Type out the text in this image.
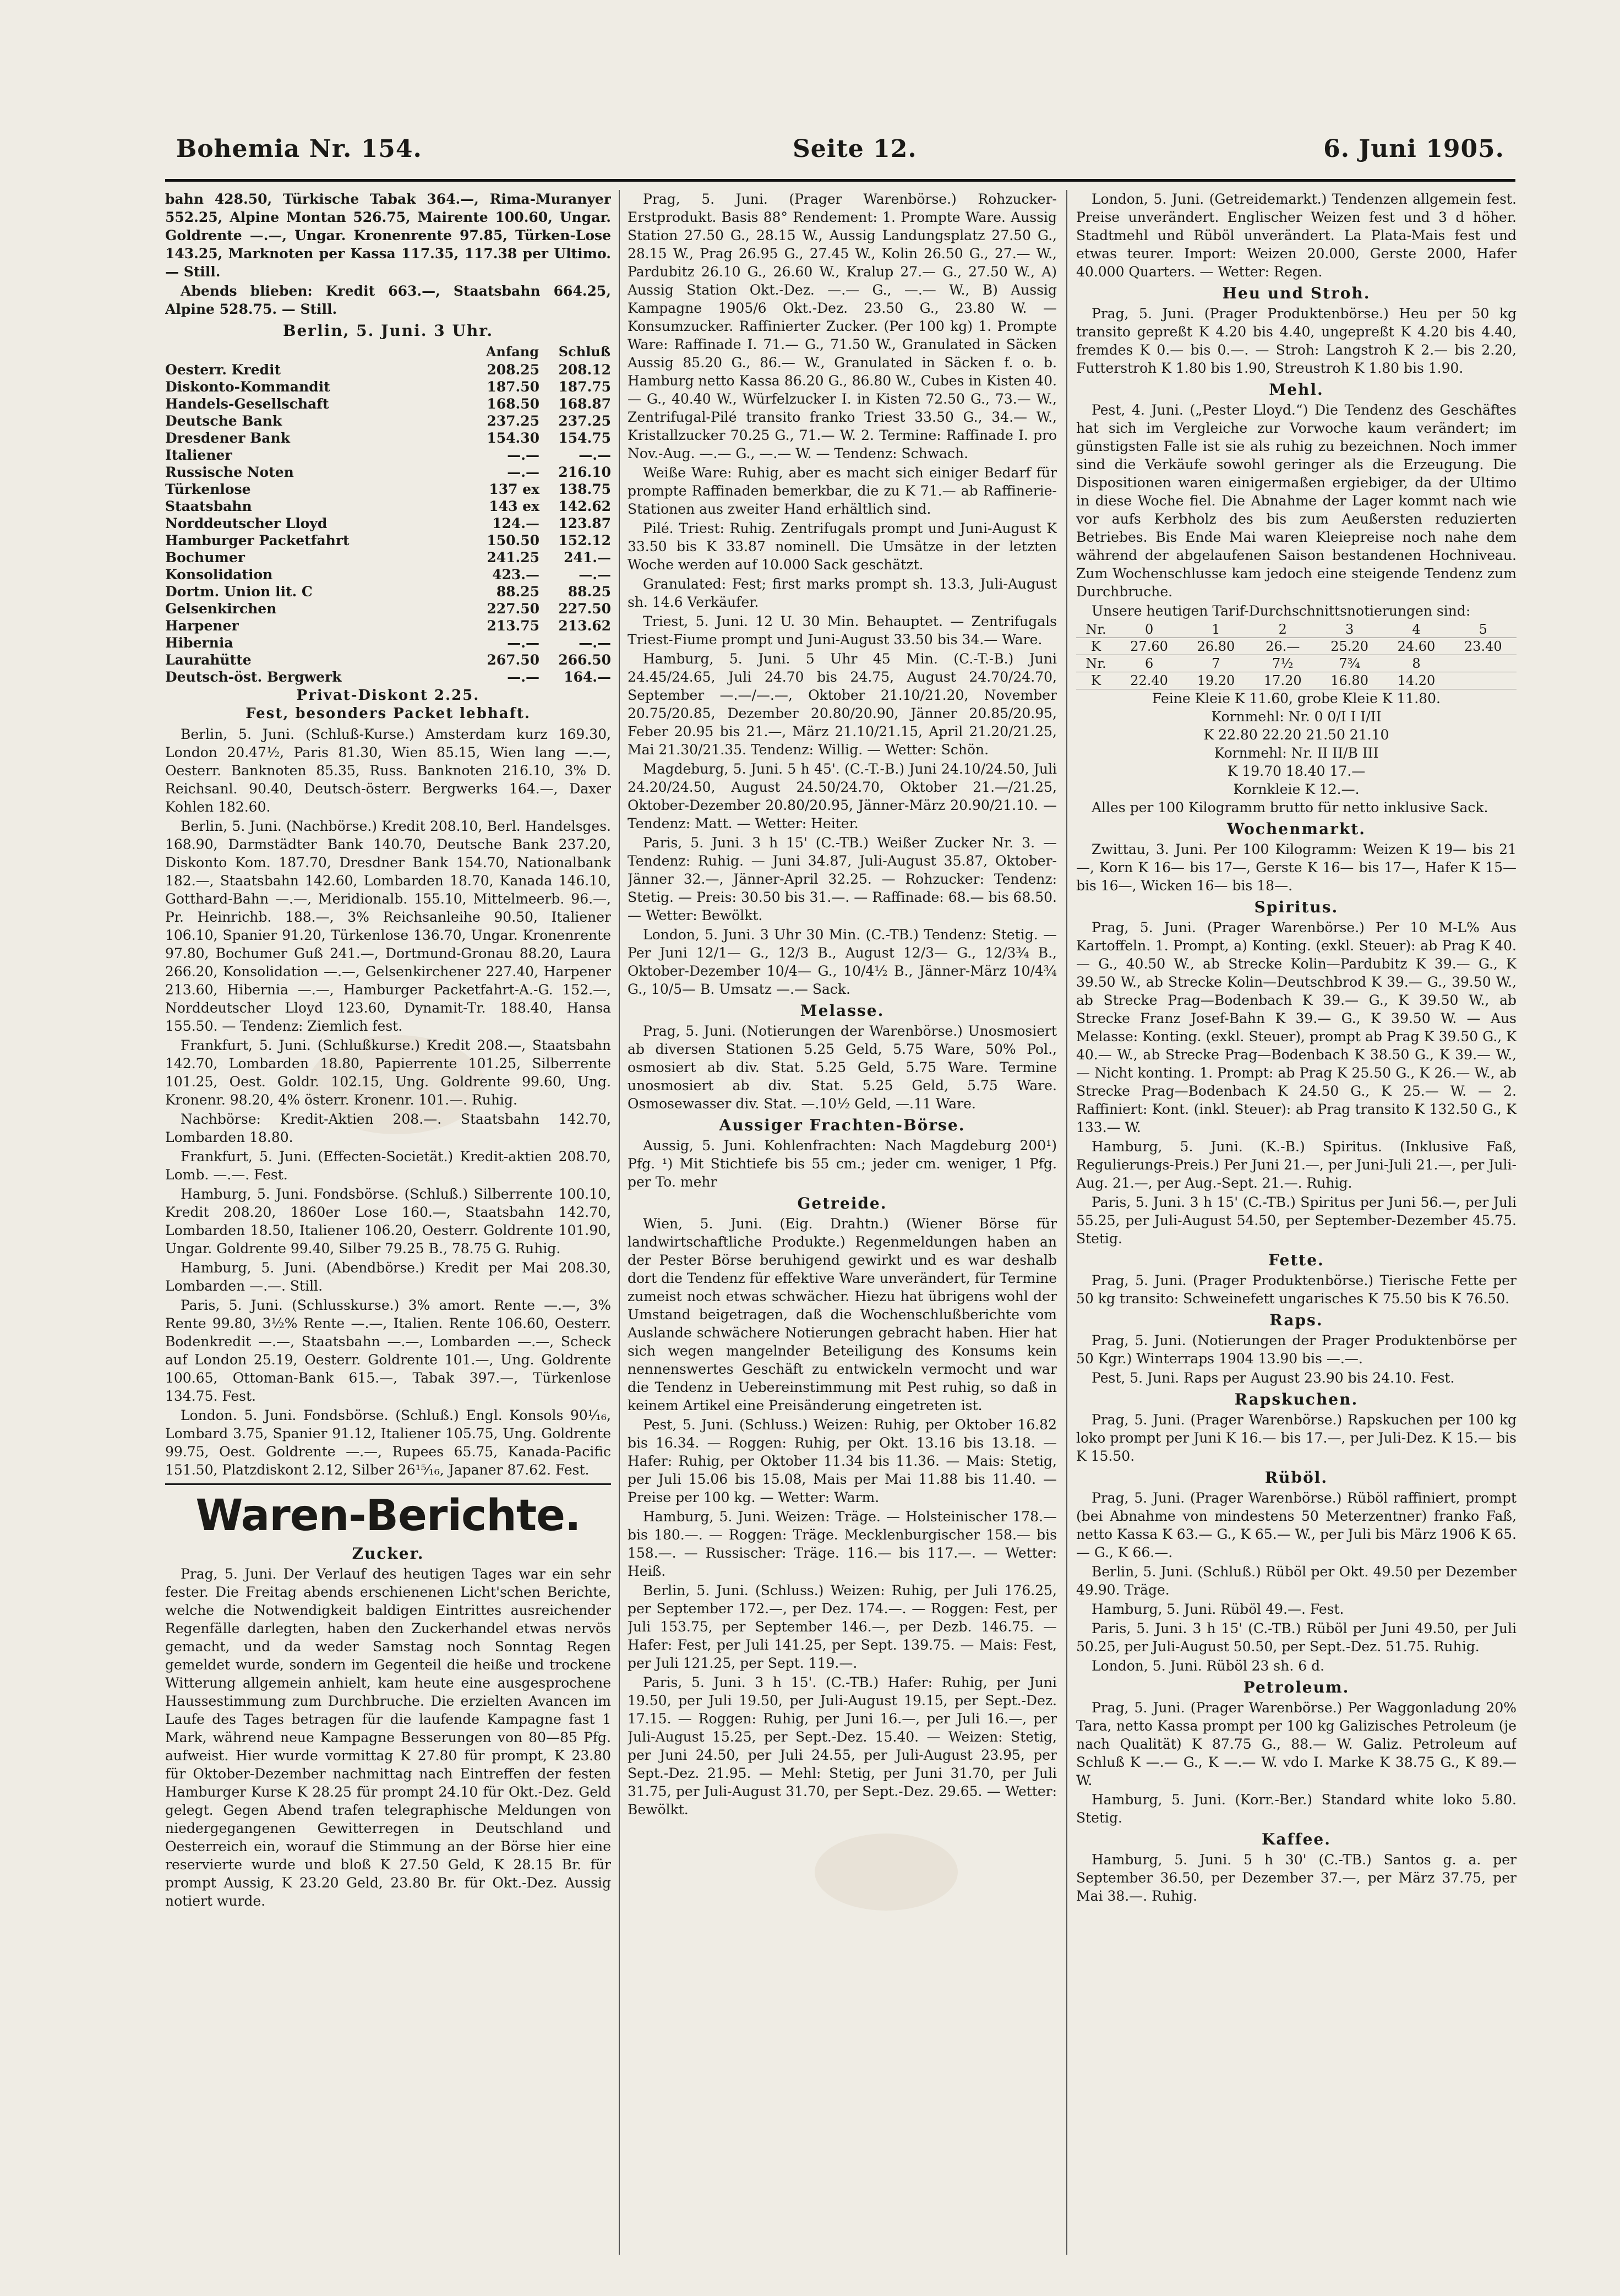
Bohemia Nr. 154.	Seite 12.	6. Juni 1905.

bahn 428.50, Türkische Tabak 364.—, Rima-Muranyer 552.25, Alpine Montan 526.75, Mairente 100.60, Ungar. Goldrente —.—, Ungar. Kronenrente 97.85, Türken-Lose 143.25, Marknoten per Kassa 117.35, 117.38 per Ultimo. — Still.

Abends blieben: Kredit 663.—, Staatsbahn 664.25, Alpine 528.75. — Still.

Berlin, 5. Juni. 3 Uhr.
	Anfang	Schluß
Oesterr. Kredit	208.25	208.12
Diskonto-Kommandit	187.50	187.75
Handels-Gesellschaft	168.50	168.87
Deutsche Bank	237.25	237.25
Dresdener Bank	154.30	154.75
Italiener	—.—	—.—
Russische Noten	—.—	216.10
Türkenlose	137 ex	138.75
Staatsbahn	143 ex	142.62
Norddeutscher Lloyd	124.—	123.87
Hamburger Packetfahrt	150.50	152.12
Bochumer	241.25	241.—
Konsolidation	423.—	—.—
Dortm. Union lit. C	88.25	88.25
Gelsenkirchen	227.50	227.50
Harpener	213.75	213.62
Hibernia	—.—	—.—
Laurahütte	267.50	266.50
Deutsch-öst. Bergwerk	—.—	164.—
Privat-Diskont 2.25.
Fest, besonders Packet lebhaft.

Berlin, 5. Juni. (Schluß-Kurse.) Amsterdam kurz 169.30, London 20.47½, Paris 81.30, Wien 85.15, Wien lang —.—, Oesterr. Banknoten 85.35, Russ. Banknoten 216.10, 3% D. Reichsanl. 90.40, Deutsch-österr. Bergwerks 164.—, Daxer Kohlen 182.60.

Berlin, 5. Juni. (Nachbörse.) Kredit 208.10, Berl. Handelsges. 168.90, Darmstädter Bank 140.70, Deutsche Bank 237.20, Diskonto Kom. 187.70, Dresdner Bank 154.70, Nationalbank 182.—, Staatsbahn 142.60, Lombarden 18.70, Kanada 146.10, Gotthard-Bahn —.—, Meridionalb. 155.10, Mittelmeerb. 96.—, Pr. Heinrichb. 188.—, 3% Reichsanleihe 90.50, Italiener 106.10, Spanier 91.20, Türkenlose 136.70, Ungar. Kronenrente 97.80, Bochumer Guß 241.—, Dortmund-Gronau 88.20, Laura 266.20, Konsolidation —.—, Gelsenkirchener 227.40, Harpener 213.60, Hibernia —.—, Hamburger Packetfahrt-A.-G. 152.—, Norddeutscher Lloyd 123.60, Dynamit-Tr. 188.40, Hansa 155.50. — Tendenz: Ziemlich fest.

Frankfurt, 5. Juni. (Schlußkurse.) Kredit 208.—, Staatsbahn 142.70, Lombarden 18.80, Papierrente 101.25, Silberrente 101.25, Oest. Goldr. 102.15, Ung. Goldrente 99.60, Ung. Kronenr. 98.20, 4% österr. Kronenr. 101.—. Ruhig.

Nachbörse: Kredit-Aktien 208.—. Staatsbahn 142.70, Lombarden 18.80.

Frankfurt, 5. Juni. (Effecten-Societät.) Kredit-aktien 208.70, Lomb. —.—. Fest.

Hamburg, 5. Juni. Fondsbörse. (Schluß.) Silberrente 100.10, Kredit 208.20, 1860er Lose 160.—, Staatsbahn 142.70, Lombarden 18.50, Italiener 106.20, Oesterr. Goldrente 101.90, Ungar. Goldrente 99.40, Silber 79.25 B., 78.75 G. Ruhig.

Hamburg, 5. Juni. (Abendbörse.) Kredit per Mai 208.30, Lombarden —.—. Still.

Paris, 5. Juni. (Schlusskurse.) 3% amort. Rente —.—, 3% Rente 99.80, 3½% Rente —.—, Italien. Rente 106.60, Oesterr. Bodenkredit —.—, Staatsbahn —.—, Lombarden —.—, Scheck auf London 25.19, Oesterr. Goldrente 101.—, Ung. Goldrente 100.65, Ottoman-Bank 615.—, Tabak 397.—, Türkenlose 134.75. Fest.

London. 5. Juni. Fondsbörse. (Schluß.) Engl. Konsols 90⅟₁₆, Lombard 3.75, Spanier 91.12, Italiener 105.75, Ung. Goldrente 99.75, Oest. Goldrente —.—, Rupees 65.75, Kanada-Pacific 151.50, Platzdiskont 2.12, Silber 26¹⁵⁄₁₆, Japaner 87.62. Fest.

Waren-Berichte.
Zucker.

Prag, 5. Juni. Der Verlauf des heutigen Tages war ein sehr fester. Die Freitag abends erschienenen Licht'schen Berichte, welche die Notwendigkeit baldigen Eintrittes ausreichender Regenfälle darlegten, haben den Zuckerhandel etwas nervös gemacht, und da weder Samstag noch Sonntag Regen gemeldet wurde, sondern im Gegenteil die heiße und trockene Witterung allgemein anhielt, kam heute eine ausgesprochene Haussestimmung zum Durchbruche. Die erzielten Avancen im Laufe des Tages betragen für die laufende Kampagne fast 1 Mark, während neue Kampagne Besserungen von 80—85 Pfg. aufweist. Hier wurde vormittag K 27.80 für prompt, K 23.80 für Oktober-Dezember nachmittag nach Eintreffen der festen Hamburger Kurse K 28.25 für prompt 24.10 für Okt.-Dez. Geld gelegt. Gegen Abend trafen telegraphische Meldungen von niedergegangenen Gewitterregen in Deutschland und Oesterreich ein, worauf die Stimmung an der Börse hier eine reservierte wurde und bloß K 27.50 Geld, K 28.15 Br. für prompt Aussig, K 23.20 Geld, 23.80 Br. für Okt.-Dez. Aussig notiert wurde.

Prag, 5. Juni. (Prager Warenbörse.) Rohzucker-Erstprodukt. Basis 88° Rendement: 1. Prompte Ware. Aussig Station 27.50 G., 28.15 W., Aussig Landungsplatz 27.50 G., 28.15 W., Prag 26.95 G., 27.45 W., Kolin 26.50 G., 27.— W., Pardubitz 26.10 G., 26.60 W., Kralup 27.— G., 27.50 W., A) Aussig Station Okt.-Dez. —.— G., —.— W., B) Aussig Kampagne 1905/6 Okt.-Dez. 23.50 G., 23.80 W. — Konsumzucker. Raffinierter Zucker. (Per 100 kg) 1. Prompte Ware: Raffinade I. 71.— G., 71.50 W., Granulated in Säcken Aussig 85.20 G., 86.— W., Granulated in Säcken f. o. b. Hamburg netto Kassa 86.20 G., 86.80 W., Cubes in Kisten 40.— G., 40.40 W., Würfelzucker I. in Kisten 72.50 G., 73.— W., Zentrifugal-Pilé transito franko Triest 33.50 G., 34.— W., Kristallzucker 70.25 G., 71.— W. 2. Termine: Raffinade I. pro Nov.-Aug. —.— G., —.— W. — Tendenz: Schwach.

Weiße Ware: Ruhig, aber es macht sich einiger Bedarf für prompte Raffinaden bemerkbar, die zu K 71.— ab Raffinerie-Stationen aus zweiter Hand erhältlich sind.

Pilé. Triest: Ruhig. Zentrifugals prompt und Juni-August K 33.50 bis K 33.87 nominell. Die Umsätze in der letzten Woche werden auf 10.000 Sack geschätzt.

Granulated: Fest; first marks prompt sh. 13.3, Juli-August sh. 14.6 Verkäufer.

Triest, 5. Juni. 12 U. 30 Min. Behauptet. — Zentrifugals Triest-Fiume prompt und Juni-August 33.50 bis 34.— Ware.

Hamburg, 5. Juni. 5 Uhr 45 Min. (C.-T.-B.) Juni 24.45/24.65, Juli 24.70 bis 24.75, August 24.70/24.70, September —.—/—.—, Oktober 21.10/21.20, November 20.75/20.85, Dezember 20.80/20.90, Jänner 20.85/20.95, Feber 20.95 bis 21.—, März 21.10/21.15, April 21.20/21.25, Mai 21.30/21.35. Tendenz: Willig. — Wetter: Schön.

Magdeburg, 5. Juni. 5 h 45'. (C.-T.-B.) Juni 24.10/24.50, Juli 24.20/24.50, August 24.50/24.70, Oktober 21.—/21.25, Oktober-Dezember 20.80/20.95, Jänner-März 20.90/21.10. — Tendenz: Matt. — Wetter: Heiter.

Paris, 5. Juni. 3 h 15' (C.-TB.) Weißer Zucker Nr. 3. — Tendenz: Ruhig. — Juni 34.87, Juli-August 35.87, Oktober-Jänner 32.—, Jänner-April 32.25. — Rohzucker: Tendenz: Stetig. — Preis: 30.50 bis 31.—. — Raffinade: 68.— bis 68.50. — Wetter: Bewölkt.

London, 5. Juni. 3 Uhr 30 Min. (C.-TB.) Tendenz: Stetig. — Per Juni 12/1— G., 12/3 B., August 12/3— G., 12/3¾ B., Oktober-Dezember 10/4— G., 10/4½ B., Jänner-März 10/4¾ G., 10/5— B. Umsatz —.— Sack.

Melasse.

Prag, 5. Juni. (Notierungen der Warenbörse.) Unosmosiert ab diversen Stationen 5.25 Geld, 5.75 Ware, 50% Pol., osmosiert ab div. Stat. 5.25 Geld, 5.75 Ware. Termine unosmosiert ab div. Stat. 5.25 Geld, 5.75 Ware. Osmosewasser div. Stat. —.10½ Geld, —.11 Ware.

Aussiger Frachten-Börse.

Aussig, 5. Juni. Kohlenfrachten: Nach Magdeburg 200¹) Pfg. ¹) Mit Stichtiefe bis 55 cm.; jeder cm. weniger, 1 Pfg. per To. mehr

Getreide.

Wien, 5. Juni. (Eig. Drahtn.) (Wiener Börse für landwirtschaftliche Produkte.) Regenmeldungen haben an der Pester Börse beruhigend gewirkt und es war deshalb dort die Tendenz für effektive Ware unverändert, für Termine zumeist noch etwas schwächer. Hiezu hat übrigens wohl der Umstand beigetragen, daß die Wochenschlußberichte vom Auslande schwächere Notierungen gebracht haben. Hier hat sich wegen mangelnder Beteiligung des Konsums kein nennenswertes Geschäft zu entwickeln vermocht und war die Tendenz in Uebereinstimmung mit Pest ruhig, so daß in keinem Artikel eine Preisänderung eingetreten ist.

Pest, 5. Juni. (Schluss.) Weizen: Ruhig, per Oktober 16.82 bis 16.34. — Roggen: Ruhig, per Okt. 13.16 bis 13.18. — Hafer: Ruhig, per Oktober 11.34 bis 11.36. — Mais: Stetig, per Juli 15.06 bis 15.08, Mais per Mai 11.88 bis 11.40. — Preise per 100 kg. — Wetter: Warm.

Hamburg, 5. Juni. Weizen: Träge. — Holsteinischer 178.— bis 180.—. — Roggen: Träge. Mecklenburgischer 158.— bis 158.—. — Russischer: Träge. 116.— bis 117.—. — Wetter: Heiß.

Berlin, 5. Juni. (Schluss.) Weizen: Ruhig, per Juli 176.25, per September 172.—, per Dez. 174.—. — Roggen: Fest, per Juli 153.75, per September 146.—, per Dezb. 146.75. — Hafer: Fest, per Juli 141.25, per Sept. 139.75. — Mais: Fest, per Juli 121.25, per Sept. 119.—.

Paris, 5. Juni. 3 h 15'. (C.-TB.) Hafer: Ruhig, per Juni 19.50, per Juli 19.50, per Juli-August 19.15, per Sept.-Dez. 17.15. — Roggen: Ruhig, per Juni 16.—, per Juli 16.—, per Juli-August 15.25, per Sept.-Dez. 15.40. — Weizen: Stetig, per Juni 24.50, per Juli 24.55, per Juli-August 23.95, per Sept.-Dez. 21.95. — Mehl: Stetig, per Juni 31.70, per Juli 31.75, per Juli-August 31.70, per Sept.-Dez. 29.65. — Wetter: Bewölkt.

London, 5. Juni. (Getreidemarkt.) Tendenzen allgemein fest. Preise unverändert. Englischer Weizen fest und 3 d höher. Stadtmehl und Rüböl unverändert. La Plata-Mais fest und etwas teurer. Import: Weizen 20.000, Gerste 2000, Hafer 40.000 Quarters. — Wetter: Regen.

Heu und Stroh.

Prag, 5. Juni. (Prager Produktenbörse.) Heu per 50 kg transito gepreßt K 4.20 bis 4.40, ungepreßt K 4.20 bis 4.40, fremdes K 0.— bis 0.—. — Stroh: Langstroh K 2.— bis 2.20, Futterstroh K 1.80 bis 1.90, Streustroh K 1.80 bis 1.90.

Mehl.

Pest, 4. Juni. („Pester Lloyd.“) Die Tendenz des Geschäftes hat sich im Vergleiche zur Vorwoche kaum verändert; im günstigsten Falle ist sie als ruhig zu bezeichnen. Noch immer sind die Verkäufe sowohl geringer als die Erzeugung. Die Dispositionen waren einigermaßen ergiebiger, da der Ultimo in diese Woche fiel. Die Abnahme der Lager kommt nach wie vor aufs Kerbholz des bis zum Aeußersten reduzierten Betriebes. Bis Ende Mai waren Kleiepreise noch nahe dem während der abgelaufenen Saison bestandenen Hochniveau. Zum Wochenschlusse kam jedoch eine steigende Tendenz zum Durchbruche.

Unsere heutigen Tarif-Durchschnittsnotierungen sind:

Nr.	0	1	2	3	4	5
K	27.60	26.80	26.—	25.20	24.60	23.40
Nr.	6	7	7½	7¾	8	
K	22.40	19.20	17.20	16.80	14.20	
Feine Kleie K 11.60, grobe Kleie K 11.80.
Kornmehl: Nr. 0 0/I I I/II
K 22.80 22.20 21.50 21.10
Kornmehl: Nr. II II/B III
K 19.70 18.40 17.—
Kornkleie K 12.—.
Alles per 100 Kilogramm brutto für netto inklusive Sack.
Wochenmarkt.

Zwittau, 3. Juni. Per 100 Kilogramm: Weizen K 19— bis 21—, Korn K 16— bis 17—, Gerste K 16— bis 17—, Hafer K 15— bis 16—, Wicken 16— bis 18—.

Spiritus.

Prag, 5. Juni. (Prager Warenbörse.) Per 10 M-L% Aus Kartoffeln. 1. Prompt, a) Konting. (exkl. Steuer): ab Prag K 40.— G., 40.50 W., ab Strecke Kolin—Pardubitz K 39.— G., K 39.50 W., ab Strecke Kolin—Deutschbrod K 39.— G., 39.50 W., ab Strecke Prag—Bodenbach K 39.— G., K 39.50 W., ab Strecke Franz Josef-Bahn K 39.— G., K 39.50 W. — Aus Melasse: Konting. (exkl. Steuer), prompt ab Prag K 39.50 G., K 40.— W., ab Strecke Prag—Bodenbach K 38.50 G., K 39.— W., — Nicht konting. 1. Prompt: ab Prag K 25.50 G., K 26.— W., ab Strecke Prag—Bodenbach K 24.50 G., K 25.— W. — 2. Raffiniert: Kont. (inkl. Steuer): ab Prag transito K 132.50 G., K 133.— W.

Hamburg, 5. Juni. (K.-B.) Spiritus. (Inklusive Faß, Regulierungs-Preis.) Per Juni 21.—, per Juni-Juli 21.—, per Juli-Aug. 21.—, per Aug.-Sept. 21.—. Ruhig.

Paris, 5. Juni. 3 h 15' (C.-TB.) Spiritus per Juni 56.—, per Juli 55.25, per Juli-August 54.50, per September-Dezember 45.75. Stetig.

Fette.

Prag, 5. Juni. (Prager Produktenbörse.) Tierische Fette per 50 kg transito: Schweinefett ungarisches K 75.50 bis K 76.50.

Raps.

Prag, 5. Juni. (Notierungen der Prager Produktenbörse per 50 Kgr.) Winterraps 1904 13.90 bis —.—.

Pest, 5. Juni. Raps per August 23.90 bis 24.10. Fest.

Rapskuchen.

Prag, 5. Juni. (Prager Warenbörse.) Rapskuchen per 100 kg loko prompt per Juni K 16.— bis 17.—, per Juli-Dez. K 15.— bis K 15.50.

Rüböl.

Prag, 5. Juni. (Prager Warenbörse.) Rüböl raffiniert, prompt (bei Abnahme von mindestens 50 Meterzentner) franko Faß, netto Kassa K 63.— G., K 65.— W., per Juli bis März 1906 K 65.— G., K 66.—.

Berlin, 5. Juni. (Schluß.) Rüböl per Okt. 49.50 per Dezember 49.90. Träge.

Hamburg, 5. Juni. Rüböl 49.—. Fest.

Paris, 5. Juni. 3 h 15' (C.-TB.) Rüböl per Juni 49.50, per Juli 50.25, per Juli-August 50.50, per Sept.-Dez. 51.75. Ruhig.

London, 5. Juni. Rüböl 23 sh. 6 d.

Petroleum.

Prag, 5. Juni. (Prager Warenbörse.) Per Waggonladung 20% Tara, netto Kassa prompt per 100 kg Galizisches Petroleum (je nach Qualität) K 87.75 G., 88.— W. Galiz. Petroleum auf Schluß K —.— G., K —.— W. vdo I. Marke K 38.75 G., K 89.— W.

Hamburg, 5. Juni. (Korr.-Ber.) Standard white loko 5.80. Stetig.

Kaffee.

Hamburg, 5. Juni. 5 h 30' (C.-TB.) Santos g. a. per September 36.50, per Dezember 37.—, per März 37.75, per Mai 38.—. Ruhig.
